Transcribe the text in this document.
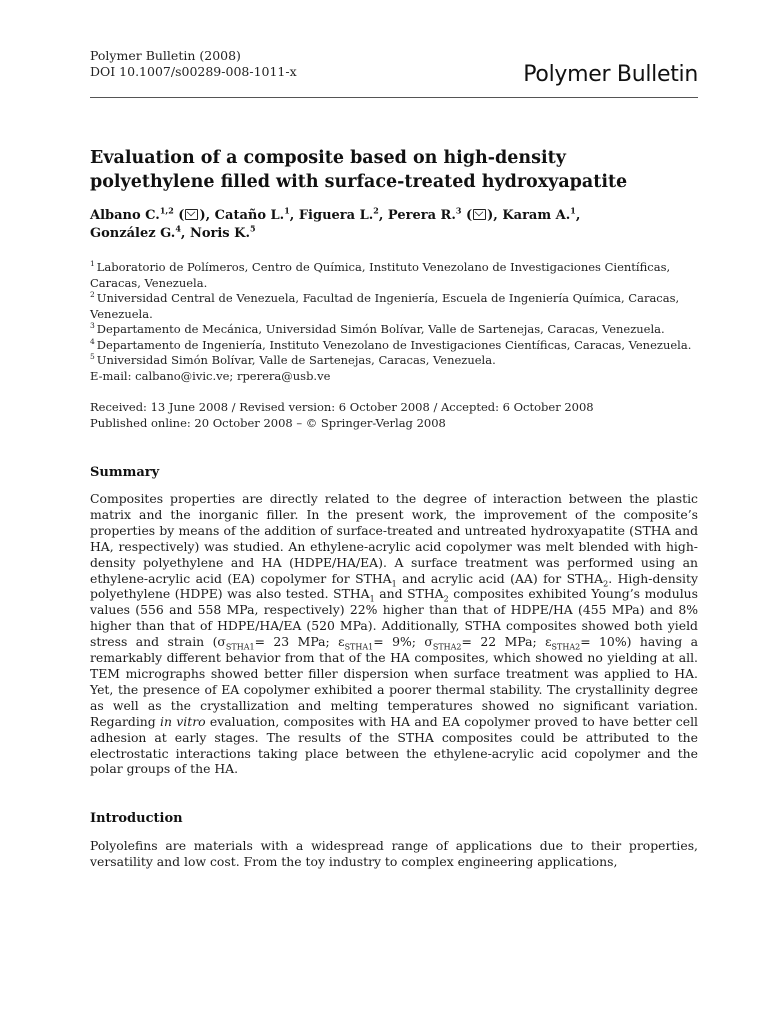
Polymer Bulletin (2008)
DOI 10.1007/s00289-008-1011-x	Polymer Bulletin
Evaluation of a composite based on high-density
polyethylene filled with surface-treated hydroxyapatite
Albano C.$^{1,2}$ ( ), Cataño L.$^1$, Figuera L.$^2$, Perera R.$^3$ ( ), Karam A.$^1$,
González G.$^4$, Noris K.$^5$
$^1$ Laboratorio de Polímeros, Centro de Química, Instituto Venezolano de Investigaciones Científicas, Caracas, Venezuela.
$^2$ Universidad Central de Venezuela, Facultad de Ingeniería, Escuela de Ingeniería Química, Caracas, Venezuela.
$^3$ Departamento de Mecánica, Universidad Simón Bolívar, Valle de Sartenejas, Caracas, Venezuela.
$^4$ Departamento de Ingeniería, Instituto Venezolano de Investigaciones Científicas, Caracas, Venezuela.
$^5$ Universidad Simón Bolívar, Valle de Sartenejas, Caracas, Venezuela.
E-mail: calbano@ivic.ve; rperera@usb.ve
Received: 13 June 2008 / Revised version: 6 October 2008 / Accepted: 6 October 2008
Published online: 20 October 2008 – © Springer-Verlag 2008
Summary
Composites properties are directly related to the degree of interaction between the plastic matrix and the inorganic filler. In the present work, the improvement of the composite’s properties by means of the addition of surface-treated and untreated hydroxyapatite (STHA and HA, respectively) was studied. An ethylene-acrylic acid copolymer was melt blended with high-density polyethylene and HA (HDPE/HA/EA). A surface treatment was performed using an ethylene-acrylic acid (EA) copolymer for $STHA_1$ and acrylic acid (AA) for $STHA_2$. High-density polyethylene (HDPE) was also tested. $STHA_1$ and $STHA_2$ composites exhibited Young’s modulus values (556 and 558 MPa, respectively) 22% higher than that of HDPE/HA (455 MPa) and 8% higher than that of HDPE/HA/EA (520 MPa). Additionally, STHA composites showed both yield stress and strain ($\sigma_{STHA1}= 23$ MPa; $\varepsilon_{STHA1}= 9\%$; $\sigma_{STHA2}= 22$ MPa; $\varepsilon_{STHA2}= 10\%$) having a remarkably different behavior from that of the HA composites, which showed no yielding at all. TEM micrographs showed better filler dispersion when surface treatment was applied to HA. Yet, the presence of EA copolymer exhibited a poorer thermal stability. The crystallinity degree as well as the crystallization and melting temperatures showed no significant variation. Regarding in vitro evaluation, composites with HA and EA copolymer proved to have better cell adhesion at early stages. The results of the STHA composites could be attributed to the electrostatic interactions taking place between the ethylene-acrylic acid copolymer and the polar groups of the HA.
Introduction
Polyolefins are materials with a widespread range of applications due to their properties, versatility and low cost. From the toy industry to complex engineering applications,
